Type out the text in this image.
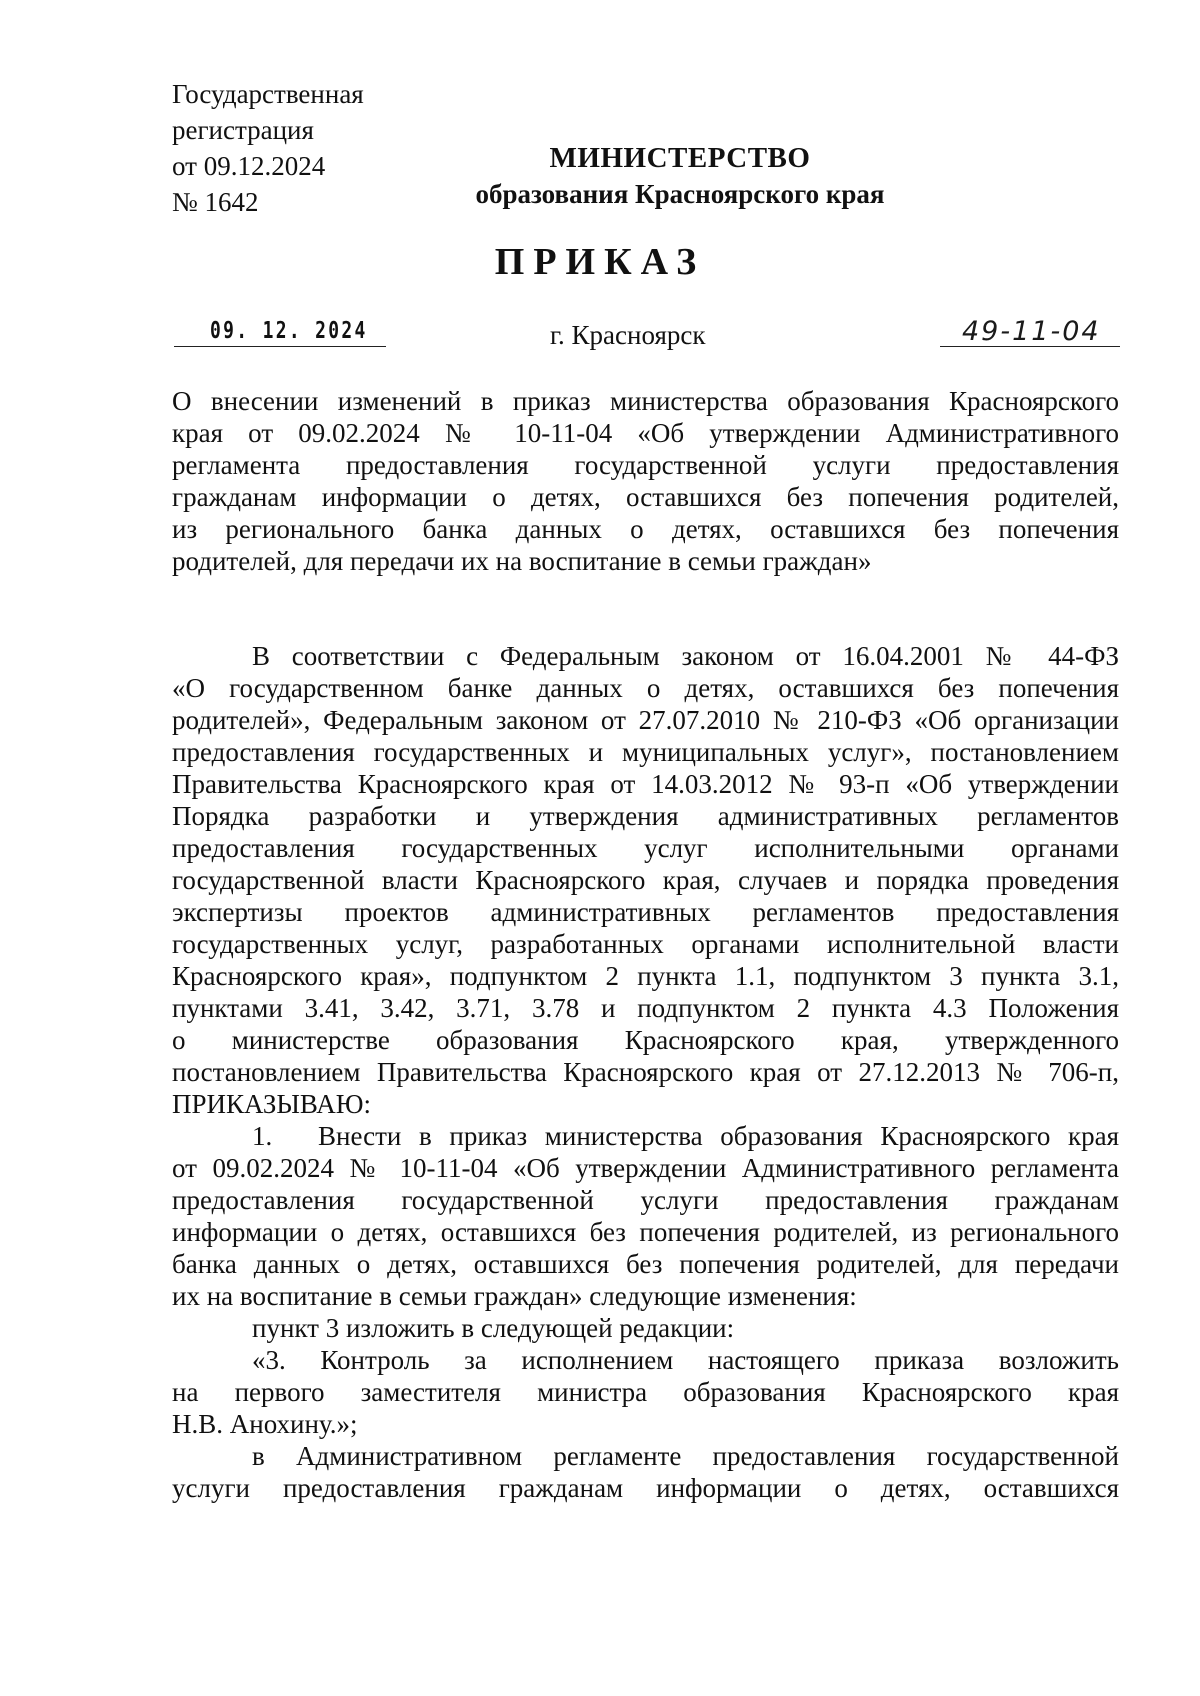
Государственная
регистрация
от 09.12.2024
№ 1642
МИНИСТЕРСТВО
образования Красноярского края
ПРИКАЗ
09. 12. 2024	г. Красноярск	49-11-04
О внесении изменений в приказ министерства образования Красноярского
края от 09.02.2024 № 10-11-04 «Об утверждении Административного
регламента предоставления государственной услуги предоставления
гражданам информации о детях, оставшихся без попечения родителей,
из регионального банка данных о детях, оставшихся без попечения
родителей, для передачи их на воспитание в семьи граждан»
В соответствии с Федеральным законом от 16.04.2001 № 44-ФЗ
«О государственном банке данных о детях, оставшихся без попечения
родителей», Федеральным законом от 27.07.2010 № 210-ФЗ «Об организации
предоставления государственных и муниципальных услуг», постановлением
Правительства Красноярского края от 14.03.2012 № 93-п «Об утверждении
Порядка разработки и утверждения административных регламентов
предоставления государственных услуг исполнительными органами
государственной власти Красноярского края, случаев и порядка проведения
экспертизы проектов административных регламентов предоставления
государственных услуг, разработанных органами исполнительной власти
Красноярского края», подпунктом 2 пункта 1.1, подпунктом 3 пункта 3.1,
пунктами 3.41, 3.42, 3.71, 3.78 и подпунктом 2 пункта 4.3 Положения
о министерстве образования Красноярского края, утвержденного
постановлением Правительства Красноярского края от 27.12.2013 № 706-п,
ПРИКАЗЫВАЮ:
1. Внести в приказ министерства образования Красноярского края
от 09.02.2024 № 10-11-04 «Об утверждении Административного регламента
предоставления государственной услуги предоставления гражданам
информации о детях, оставшихся без попечения родителей, из регионального
банка данных о детях, оставшихся без попечения родителей, для передачи
их на воспитание в семьи граждан» следующие изменения:
пункт 3 изложить в следующей редакции:
«3. Контроль за исполнением настоящего приказа возложить
на первого заместителя министра образования Красноярского края
Н.В. Анохину.»;
в Административном регламенте предоставления государственной
услуги предоставления гражданам информации о детях, оставшихся
